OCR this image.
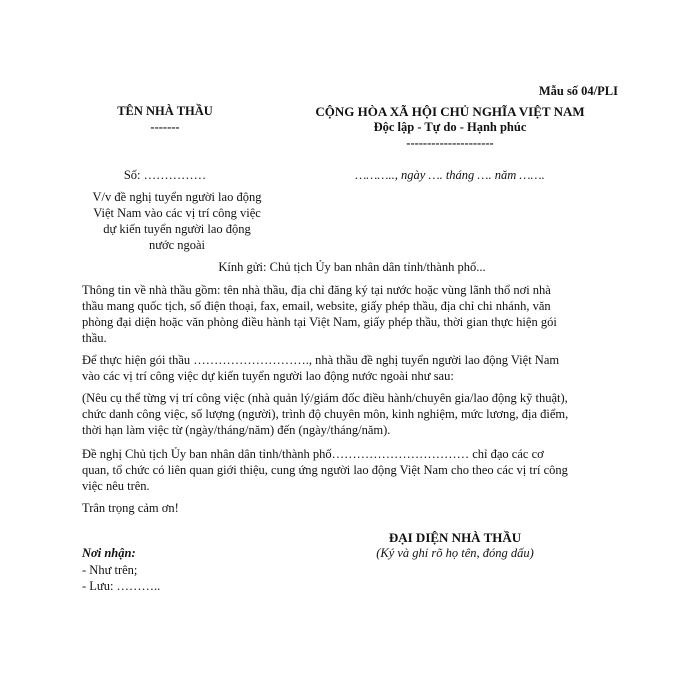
Mẫu số 04/PLI
TÊN NHÀ THẦU
-------
CỘNG HÒA XÃ HỘI CHỦ NGHĨA VIỆT NAM
Độc lập - Tự do - Hạnh phúc
---------------------
Số: ……………	……….., ngày …. tháng …. năm …….
V/v đề nghị tuyển người lao động
Việt Nam vào các vị trí công việc
dự kiến tuyển người lao động
nước ngoài
Kính gửi: Chủ tịch Ủy ban nhân dân tỉnh/thành phố...
Thông tin về nhà thầu gồm: tên nhà thầu, địa chỉ đăng ký tại nước hoặc vùng lãnh thổ nơi nhà
thầu mang quốc tịch, số điện thoại, fax, email, website, giấy phép thầu, địa chỉ chi nhánh, văn
phòng đại diện hoặc văn phòng điều hành tại Việt Nam, giấy phép thầu, thời gian thực hiện gói
thầu.
Để thực hiện gói thầu ………………………., nhà thầu đề nghị tuyển người lao động Việt Nam
vào các vị trí công việc dự kiến tuyển người lao động nước ngoài như sau:
(Nêu cụ thể từng vị trí công việc (nhà quản lý/giám đốc điều hành/chuyên gia/lao động kỹ thuật),
chức danh công việc, số lượng (người), trình độ chuyên môn, kinh nghiệm, mức lương, địa điểm,
thời hạn làm việc từ (ngày/tháng/năm) đến (ngày/tháng/năm).
Đề nghị Chủ tịch Ủy ban nhân dân tỉnh/thành phố…………………………… chỉ đạo các cơ
quan, tổ chức có liên quan giới thiệu, cung ứng người lao động Việt Nam cho theo các vị trí công
việc nêu trên.
Trân trọng cảm ơn!
ĐẠI DIỆN NHÀ THẦU
(Ký và ghi rõ họ tên, đóng dấu)
Nơi nhận:
- Như trên;
- Lưu: ………..
